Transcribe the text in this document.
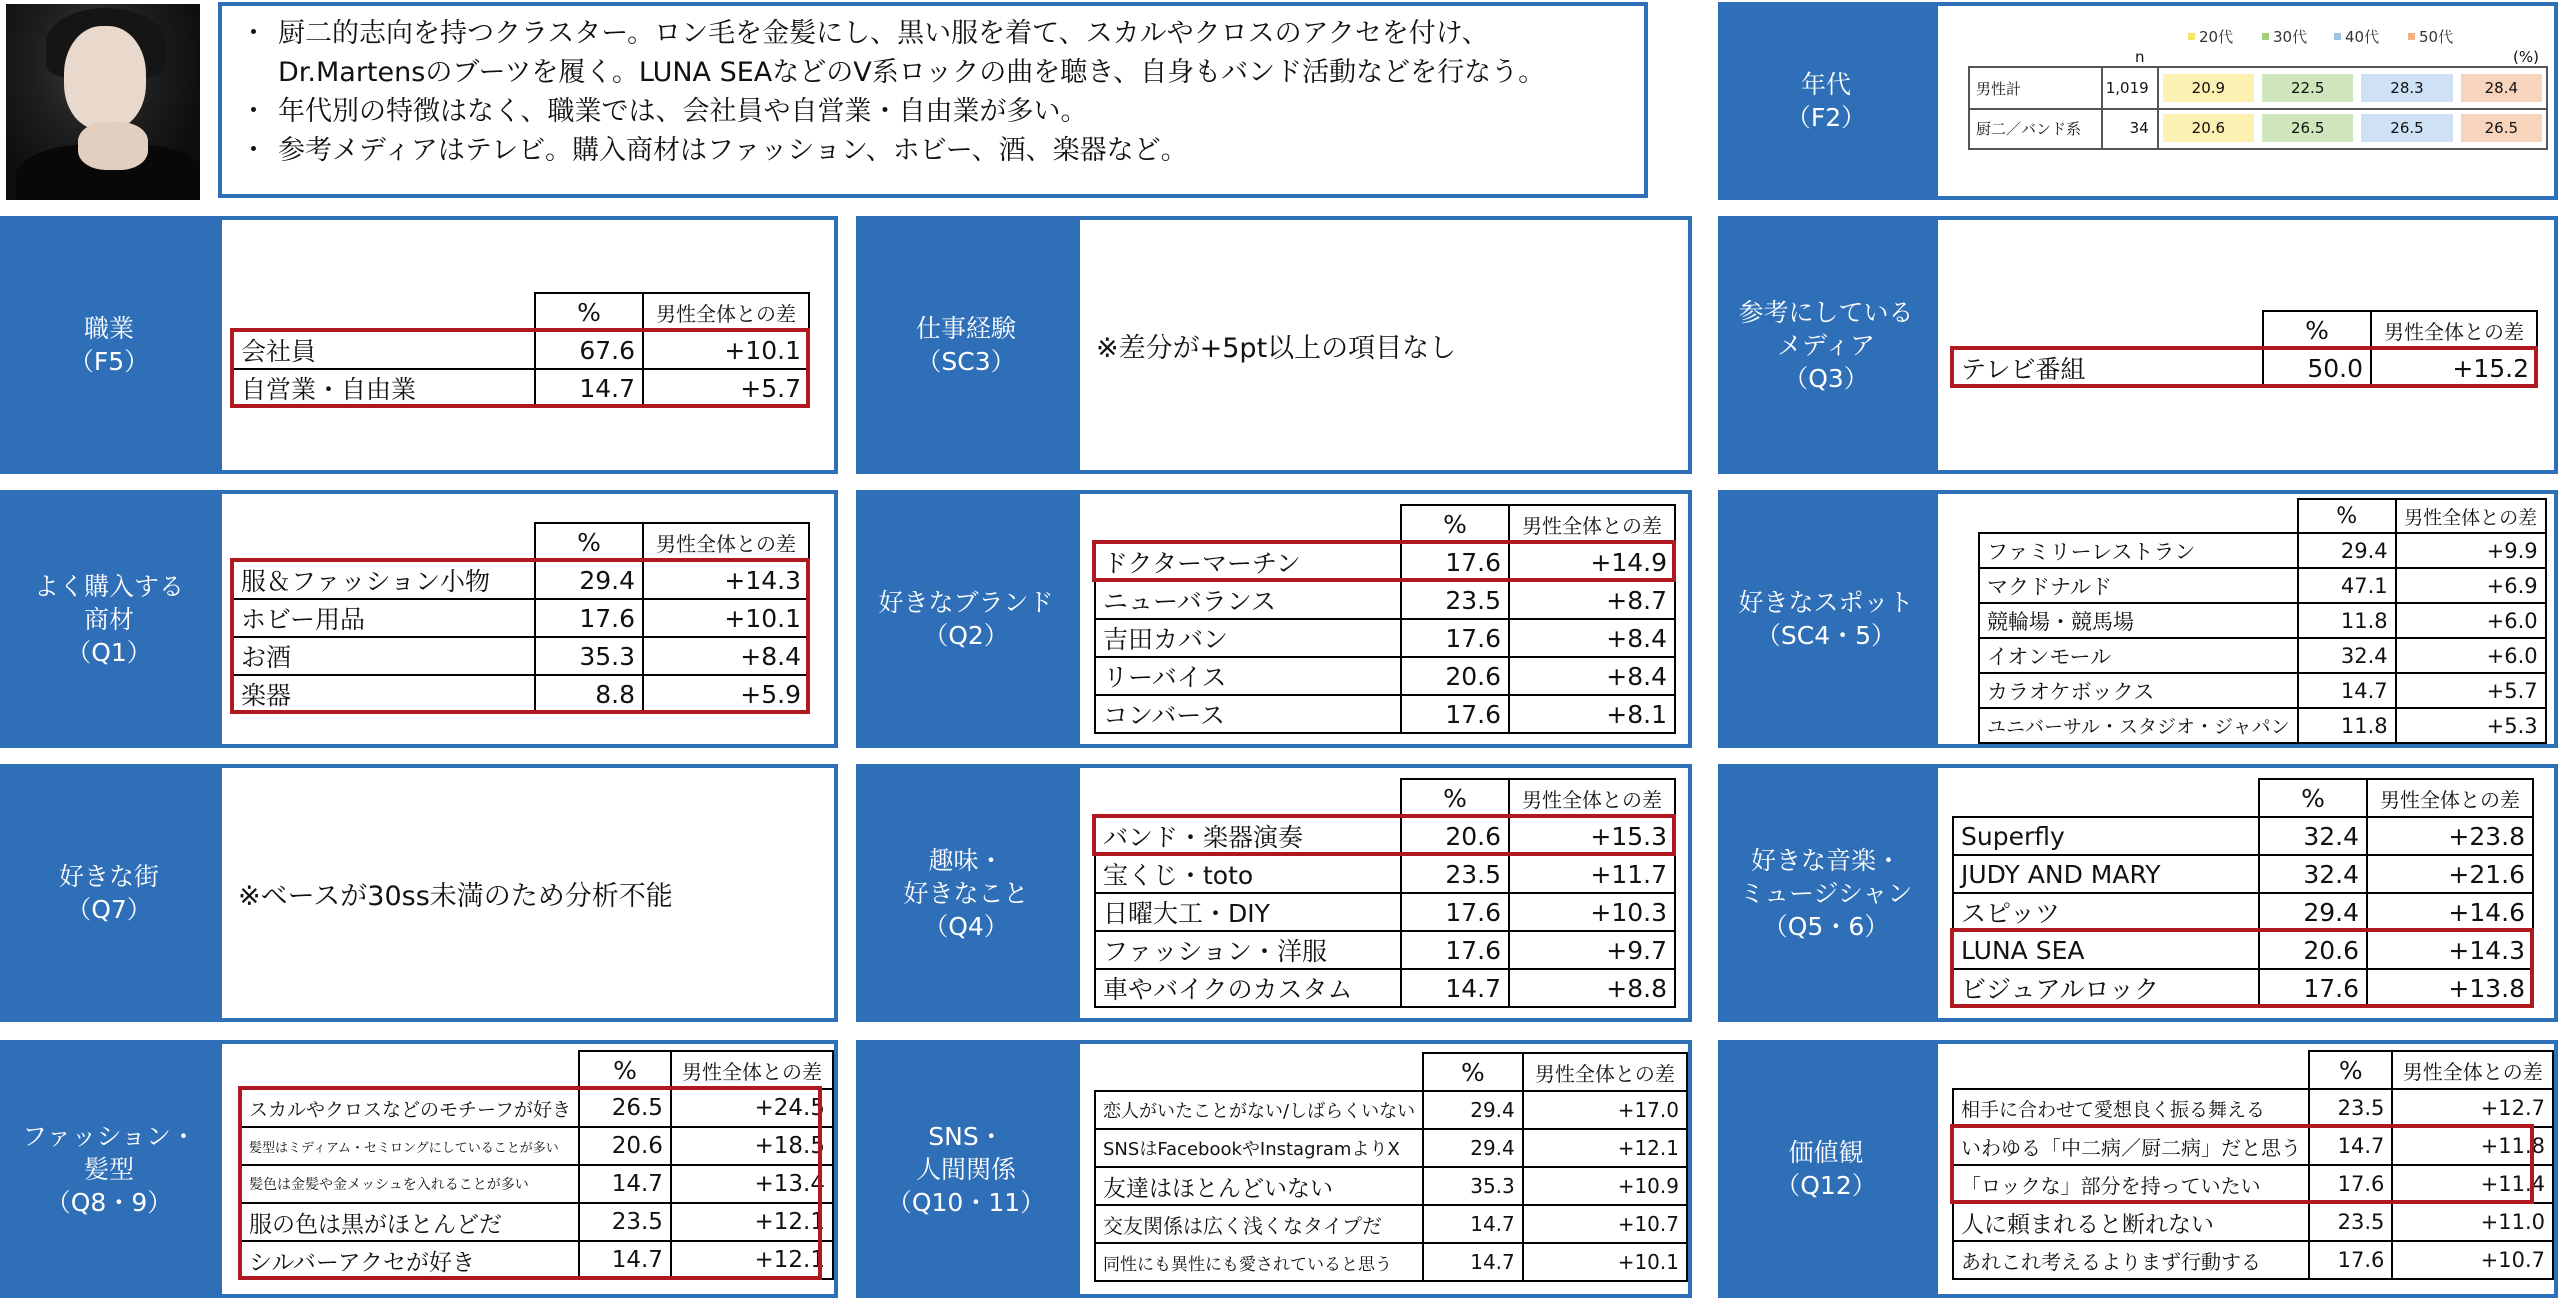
・ 厨二的志向を持つクラスター。ロン毛を金髪にし、黒い服を着て、スカルやクロスのアクセを付け、
Dr.Martensのブーツを履く。LUNA SEAなどのV系ロックの曲を聴き、自身もバンド活動などを行なう。
・ 年代別の特徴はなく、職業では、会社員や自営業・自由業が多い。
・ 参考メディアはテレビ。購入商材はファッション、ホビー、酒、楽器など。
年代
（F2）
20代	30代	40代	50代
n	(%)
男性計	1,019	20.9	22.5	28.3	28.4
厨二／バンド系	34	20.6	26.5	26.5	26.5
職業
（F5）
	%	男性全体との差
会社員	67.6	+10.1
自営業・自由業	14.7	+5.7
仕事経験
（SC3）	※差分が+5pt以上の項目なし
参考にしている
メディア
（Q3）
	%	男性全体との差
テレビ番組	50.0	+15.2
よく購入する
商材
（Q1）
	%	男性全体との差
服＆ファッション小物	29.4	+14.3
ホビー用品	17.6	+10.1
お酒	35.3	+8.4
楽器	8.8	+5.9
好きなブランド
（Q2）
	%	男性全体との差
ドクターマーチン	17.6	+14.9
ニューバランス	23.5	+8.7
吉田カバン	17.6	+8.4
リーバイス	20.6	+8.4
コンバース	17.6	+8.1
好きなスポット
（SC4・5）
	%	男性全体との差
ファミリーレストラン	29.4	+9.9
マクドナルド	47.1	+6.9
競輪場・競馬場	11.8	+6.0
イオンモール	32.4	+6.0
カラオケボックス	14.7	+5.7
ユニバーサル・スタジオ・ジャパン	11.8	+5.3
好きな街
（Q7）	※ベースが30ss未満のため分析不能
趣味・
好きなこと
（Q4）
	%	男性全体との差
バンド・楽器演奏	20.6	+15.3
宝くじ・toto	23.5	+11.7
日曜大工・DIY	17.6	+10.3
ファッション・洋服	17.6	+9.7
車やバイクのカスタム	14.7	+8.8
好きな音楽・
ミュージシャン
（Q5・6）
	%	男性全体との差
Superfly	32.4	+23.8
JUDY AND MARY	32.4	+21.6
スピッツ	29.4	+14.6
LUNA SEA	20.6	+14.3
ビジュアルロック	17.6	+13.8
ファッション・
髪型
（Q8・9）
	%	男性全体との差
スカルやクロスなどのモチーフが好き	26.5	+24.5
髪型はミディアム・セミロングにしていることが多い	20.6	+18.5
髪色は金髪や金メッシュを入れることが多い	14.7	+13.4
服の色は黒がほとんどだ	23.5	+12.1
シルバーアクセが好き	14.7	+12.1
SNS・
人間関係
（Q10・11）
	%	男性全体との差
恋人がいたことがない/しばらくいない	29.4	+17.0
SNSはFacebookやInstagramよりX	29.4	+12.1
友達はほとんどいない	35.3	+10.9
交友関係は広く浅くなタイプだ	14.7	+10.7
同性にも異性にも愛されていると思う	14.7	+10.1
価値観
（Q12）
	%	男性全体との差
相手に合わせて愛想良く振る舞える	23.5	+12.7
いわゆる「中二病／厨二病」だと思う	14.7	+11.8
「ロックな」部分を持っていたい	17.6	+11.4
人に頼まれると断れない	23.5	+11.0
あれこれ考えるよりまず行動する	17.6	+10.7
